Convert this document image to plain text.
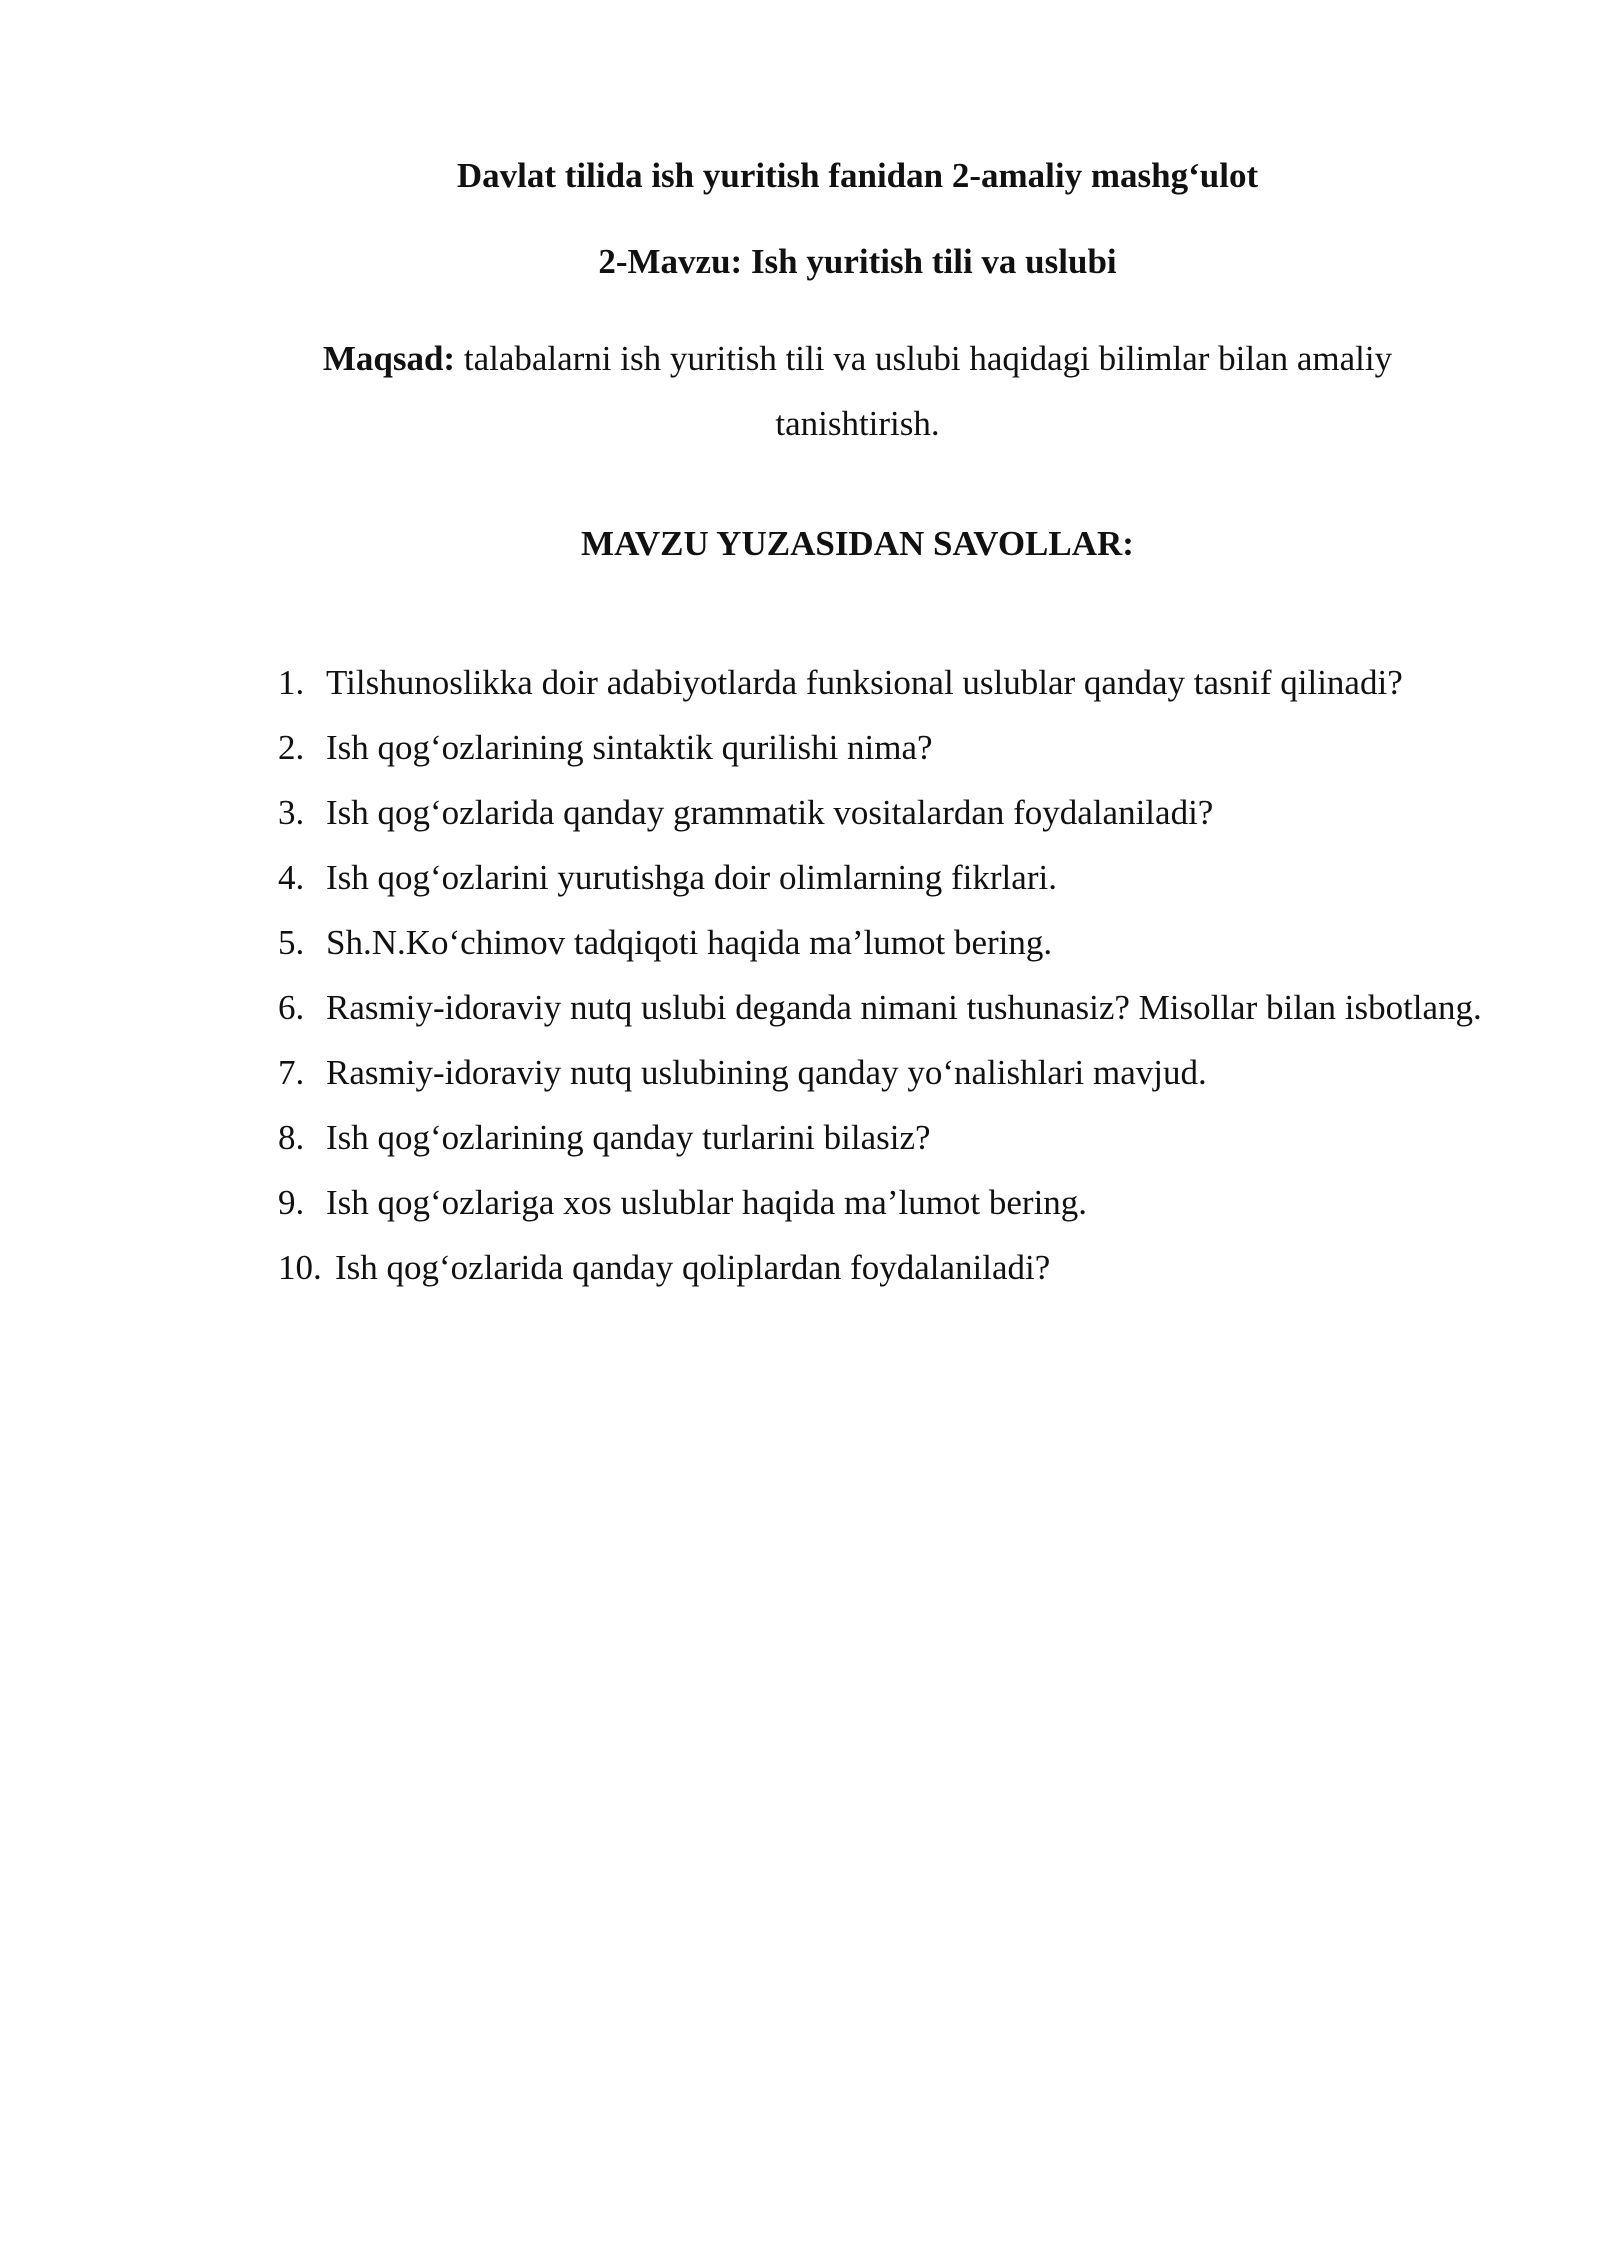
Davlat tilida ish yuritish fanidan 2-amaliy mashg‘ulot
2-Mavzu: Ish yuritish tili va uslubi
Maqsad: talabalarni ish yuritish tili va uslubi haqidagi bilimlar bilan amaliy tanishtirish.
MAVZU YUZASIDAN SAVOLLAR:
1. Tilshunoslikka doir adabiyotlarda funksional uslublar qanday tasnif qilinadi?
2. Ish qog‘ozlarining sintaktik qurilishi nima?
3. Ish qog‘ozlarida qanday grammatik vositalardan foydalaniladi?
4. Ish qog‘ozlarini yurutishga doir olimlarning fikrlari.
5. Sh.N.Ko‘chimov tadqiqoti haqida ma’lumot bering.
6. Rasmiy-idoraviy nutq uslubi deganda nimani tushunasiz? Misollar bilan isbotlang.
7. Rasmiy-idoraviy nutq uslubining qanday yo‘nalishlari mavjud.
8. Ish qog‘ozlarining qanday turlarini bilasiz?
9. Ish qog‘ozlariga xos uslublar haqida ma’lumot bering.
10. Ish qog‘ozlarida qanday qoliplardan foydalaniladi?
